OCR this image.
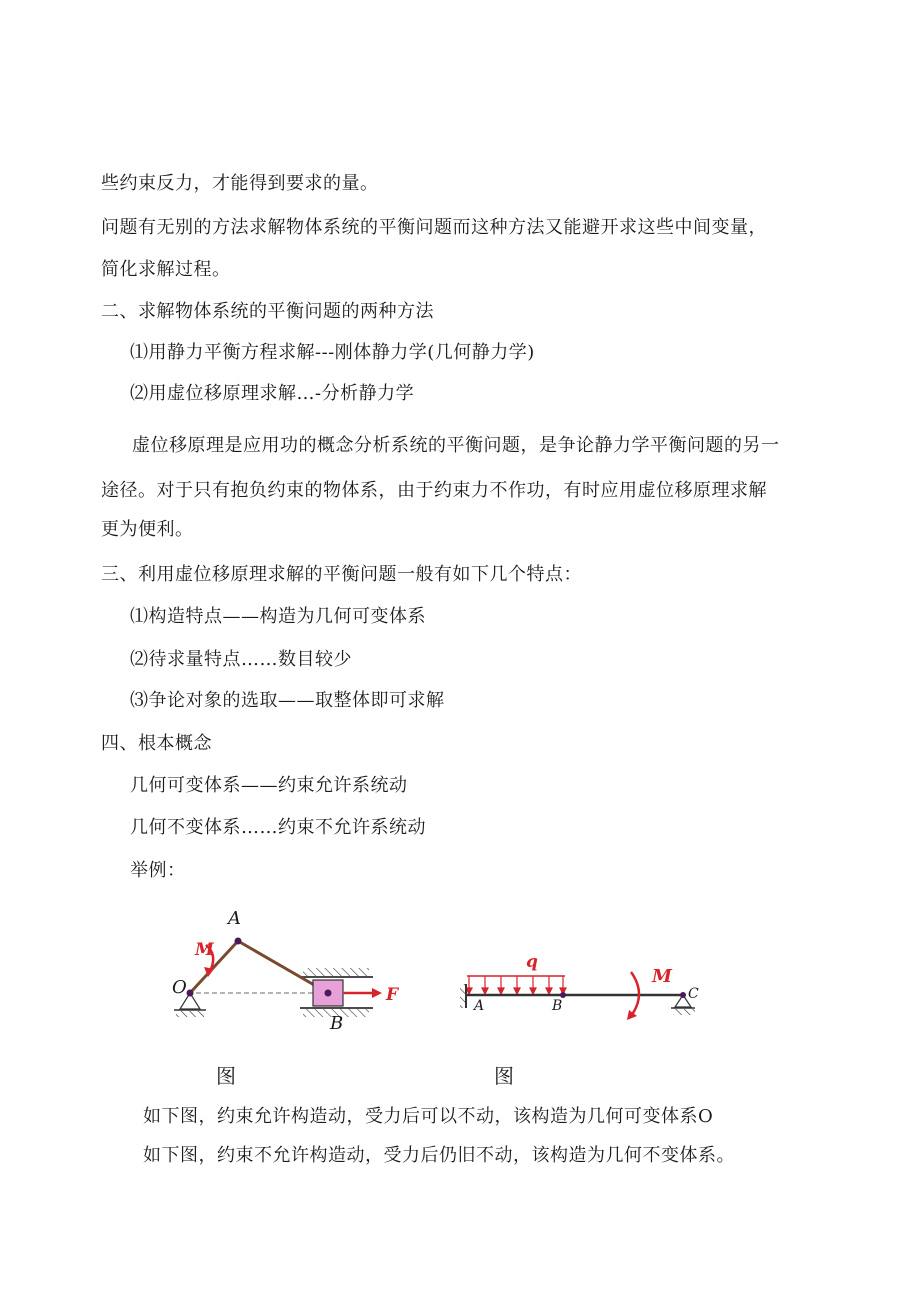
些约束反力，才能得到要求的量。
问题有无别的方法求解物体系统的平衡问题而这种方法又能避开求这些中间变量，
简化求解过程。
二、求解物体系统的平衡问题的两种方法
⑴用静力平衡方程求解---刚体静力学(几何静力学)
⑵用虚位移原理求解…-分析静力学
虚位移原理是应用功的概念分析系统的平衡问题，是争论静力学平衡问题的另一
途径。对于只有抱负约束的物体系，由于约束力不作功，有时应用虚位移原理求解
更为便利。
三、利用虚位移原理求解的平衡问题一般有如下几个特点：
⑴构造特点——构造为几何可变体系
⑵待求量特点……数目较少
⑶争论对象的选取——取整体即可求解
四、根本概念
几何可变体系——约束允许系统动
几何不变体系……约束不允许系统动
举例：
A
O
M
B
F
图
q
A	B
M
C
图
如下图，约束允许构造动，受力后可以不动，该构造为几何可变体系O
如下图，约束不允许构造动，受力后仍旧不动，该构造为几何不变体系。
